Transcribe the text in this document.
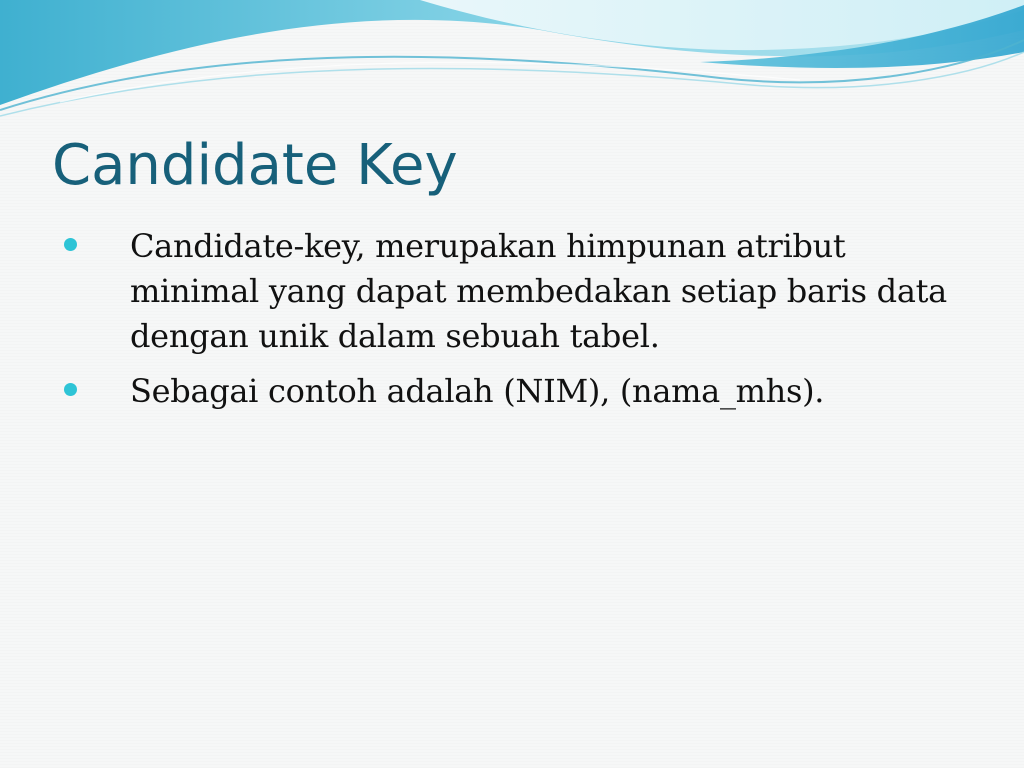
Candidate Key
Candidate-key, merupakan himpunan atribut minimal yang dapat membedakan setiap baris data dengan unik dalam sebuah tabel.
Sebagai contoh adalah (NIM), (nama_mhs).
